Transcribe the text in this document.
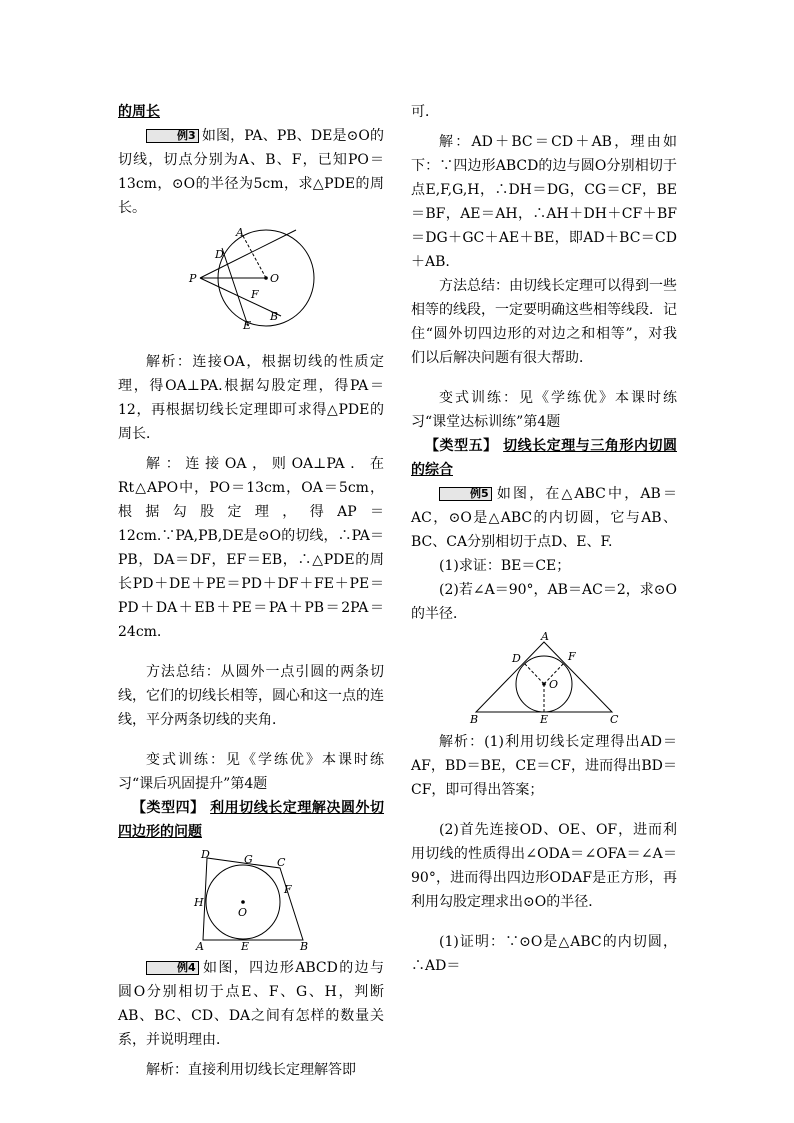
的周长

例3 如图，PA、PB、DE是⊙O的切线，切点分别为A、B、F，已知PO＝13cm，⊙O的半径为5cm，求△PDE的周长。

A
D
P	O
F
B
E

解析：连接OA，根据切线的性质定理，得OA⊥PA.根据勾股定理，得PA＝12，再根据切线长定理即可求得△PDE的周长．

解：连接OA，则OA⊥PA．在Rt△APO中，PO＝13cm，OA＝5cm，根据勾股定理，得AP＝12cm.∵PA,PB,DE是⊙O的切线，∴PA＝PB，DA＝DF，EF＝EB，∴△PDE的周长PD＋DE＋PE＝PD＋DF＋FE＋PE＝PD＋DA＋EB＋PE＝PA＋PB＝2PA＝24cm.

方法总结：从圆外一点引圆的两条切线，它们的切线长相等，圆心和这一点的连线，平分两条切线的夹角．

变式训练：见《学练优》本课时练习“课后巩固提升”第4题

【类型四】 利用切线长定理解决圆外切四边形的问题

D	G C
H
F
O
A	E	B

例4 如图，四边形ABCD的边与圆O分别相切于点E、F、G、H，判断AB、BC、CD、DA之间有怎样的数量关系，并说明理由．

解析：直接利用切线长定理解答即

可．

解：AD＋BC＝CD＋AB，理由如下：∵四边形ABCD的边与圆O分别相切于点E,F,G,H，∴DH＝DG，CG＝CF，BE＝BF，AE＝AH，∴AH＋DH＋CF＋BF＝DG＋GC＋AE＋BE，即AD＋BC＝CD＋AB.

方法总结：由切线长定理可以得到一些相等的线段，一定要明确这些相等线段．记住“圆外切四边形的对边之和相等”，对我们以后解决问题有很大帮助．

变式训练：见《学练优》本课时练习“课堂达标训练”第4题

【类型五】 切线长定理与三角形内切圆的综合

例5 如图，在△ABC中，AB＝AC，⊙O是△ABC的内切圆，它与AB、BC、CA分别相切于点D、E、F.

(1)求证：BE＝CE；

(2)若∠A＝90°，AB＝AC＝2，求⊙O的半径．

A
D	F
O
B	E	C

解析：(1)利用切线长定理得出AD＝AF，BD＝BE，CE＝CF，进而得出BD＝CF，即可得出答案；

(2)首先连接OD、OE、OF，进而利用切线的性质得出∠ODA＝∠OFA＝∠A＝90°，进而得出四边形ODAF是正方形，再利用勾股定理求出⊙O的半径．

(1)证明：∵⊙O是△ABC的内切圆，∴AD＝
